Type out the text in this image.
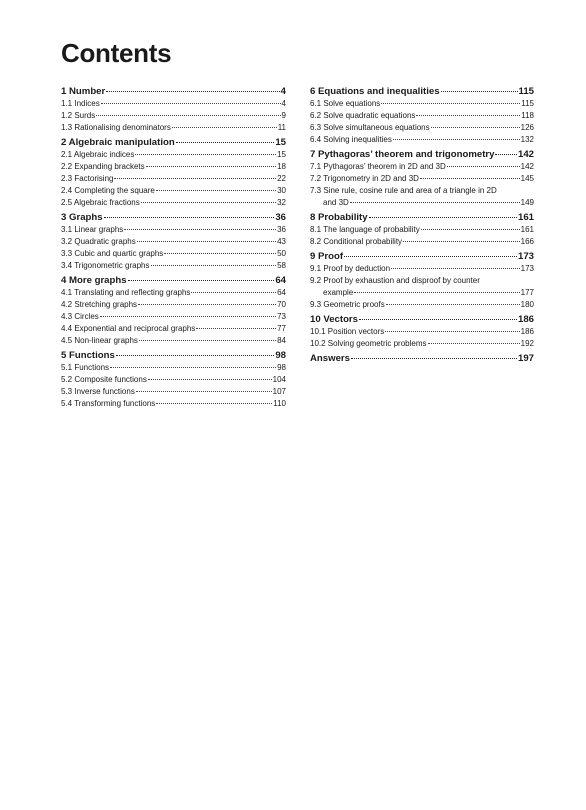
Contents
1 Number	4
1.1 Indices	4
1.2 Surds	9
1.3 Rationalising denominators	11
2 Algebraic manipulation	15
2.1 Algebraic indices	15
2.2 Expanding brackets	18
2.3 Factorising	22
2.4 Completing the square	30
2.5 Algebraic fractions	32
3 Graphs	36
3.1 Linear graphs	36
3.2 Quadratic graphs	43
3.3 Cubic and quartic graphs	50
3.4 Trigonometric graphs	58
4 More graphs	64
4.1 Translating and reflecting graphs	64
4.2 Stretching graphs	70
4.3 Circles	73
4.4 Exponential and reciprocal graphs	77
4.5 Non-linear graphs	84
5 Functions	98
5.1 Functions	98
5.2 Composite functions	104
5.3 Inverse functions	107
5.4 Transforming functions	110
6 Equations and inequalities	115
6.1 Solve equations	115
6.2 Solve quadratic equations	118
6.3 Solve simultaneous equations	126
6.4 Solving inequalities	132
7 Pythagoras’ theorem and trigonometry 142
7.1 Pythagoras’ theorem in 2D and 3D	142
7.2 Trigonometry in 2D and 3D	145
7.3 Sine rule, cosine rule and area of a triangle in 2D
and 3D	149
8 Probability	161
8.1 The language of probability	161
8.2 Conditional probability	166
9 Proof	173
9.1 Proof by deduction	173
9.2 Proof by exhaustion and disproof by counter
example	177
9.3 Geometric proofs	180
10 Vectors	186
10.1 Position vectors	186
10.2 Solving geometric problems	192
Answers	197
